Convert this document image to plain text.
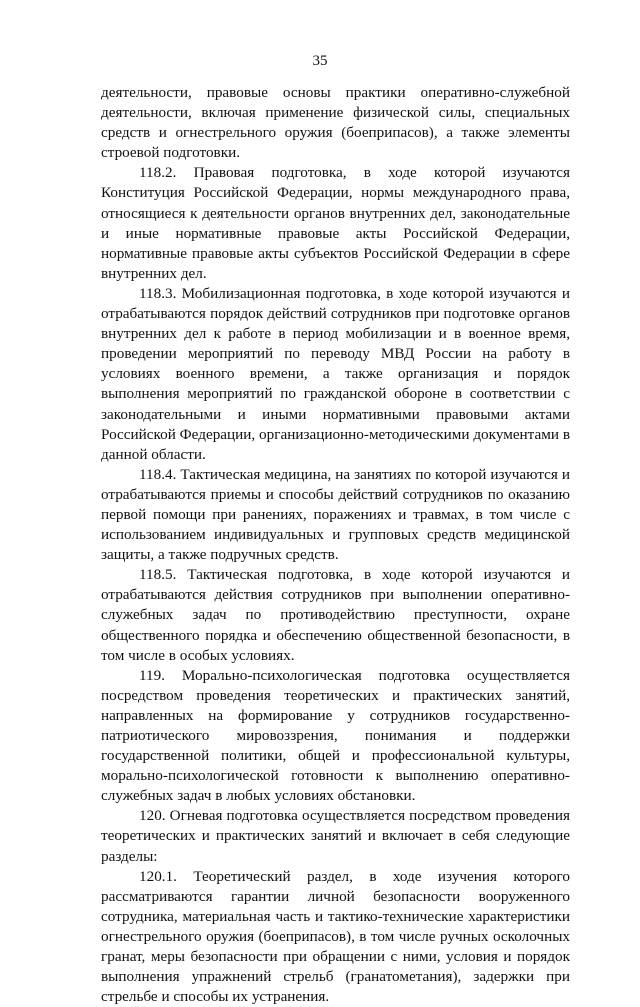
35

деятельности, правовые основы практики оперативно-служебной деятельности, включая применение физической силы, специальных средств и огнестрельного оружия (боеприпасов), а также элементы строевой подготовки.

118.2. Правовая подготовка, в ходе которой изучаются Конституция Российской Федерации, нормы международного права, относящиеся к деятельности органов внутренних дел, законодательные и иные нормативные правовые акты Российской Федерации, нормативные правовые акты субъектов Российской Федерации в сфере внутренних дел.

118.3. Мобилизационная подготовка, в ходе которой изучаются и отрабатываются порядок действий сотрудников при подготовке органов внутренних дел к работе в период мобилизации и в военное время, проведении мероприятий по переводу МВД России на работу в условиях военного времени, а также организация и порядок выполнения мероприятий по гражданской обороне в соответствии с законодательными и иными нормативными правовыми актами Российской Федерации, организационно-методическими документами в данной области.

118.4. Тактическая медицина, на занятиях по которой изучаются и отрабатываются приемы и способы действий сотрудников по оказанию первой помощи при ранениях, поражениях и травмах, в том числе с использованием индивидуальных и групповых средств медицинской защиты, а также подручных средств.

118.5. Тактическая подготовка, в ходе которой изучаются и отрабатываются действия сотрудников при выполнении оперативно-служебных задач по противодействию преступности, охране общественного порядка и обеспечению общественной безопасности, в том числе в особых условиях.

119. Морально-психологическая подготовка осуществляется посредством проведения теоретических и практических занятий, направленных на формирование у сотрудников государственно-патриотического мировоззрения, понимания и поддержки государственной политики, общей и профессиональной культуры, морально-психологической готовности к выполнению оперативно-служебных задач в любых условиях обстановки.

120. Огневая подготовка осуществляется посредством проведения теоретических и практических занятий и включает в себя следующие разделы:

120.1. Теоретический раздел, в ходе изучения которого рассматриваются гарантии личной безопасности вооруженного сотрудника, материальная часть и тактико-технические характеристики огнестрельного оружия (боеприпасов), в том числе ручных осколочных гранат, меры безопасности при обращении с ними, условия и порядок выполнения упражнений стрельб (гранатометания), задержки при стрельбе и способы их устранения.
